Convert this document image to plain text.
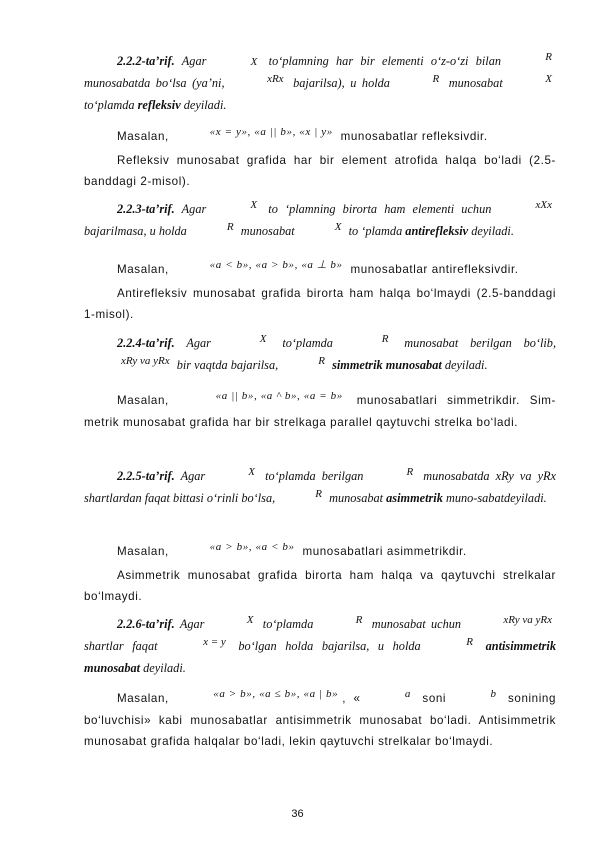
2.2.2-ta’rif. Agar	X to‘plamning har bir elementi o‘z-o‘zi bilan	R munosabatda bo‘lsa (ya’ni,	xRx bajarilsa), u holda	R munosabat	X to‘plamda refleksiv deyiladi.
Masalan,	«x = y», «a || b», «x | y» munosabatlar refleksivdir.
Refleksiv munosabat grafida har bir element atrofida halqa bo‘ladi (2.5-banddagi 2-misol).
2.2.3-ta’rif. Agar	X to ‘plamning birorta ham elementi uchun	xXx bajarilmasa, u holda	R munosabat	X to ‘plamda antirefleksiv deyiladi.
Masalan,	«a < b», «a > b», «a ⊥ b» munosabatlar antirefleksivdir.
Antirefleksiv munosabat grafida birorta ham halqa bo‘lmaydi (2.5-banddagi 1-misol).
2.2.4-ta’rif. Agar	X to‘plamda	R munosabat berilgan bo‘lib, xRy va yRx bir vaqtda bajarilsa,	R simmetrik munosabat deyiladi.
Masalan,	«a || b», «a ^ b», «a = b» munosabatlari simmetrikdir. Sim-metrik munosabat grafida har bir strelkaga parallel qaytuvchi strelka bo‘ladi.
2.2.5-ta’rif. Agar	X to‘plamda berilgan	R munosabatda xRy va yRx shartlardan faqat bittasi o‘rinli bo‘lsa,	R munosabat asimmetrik muno-sabatdeyiladi.
Masalan,	«a > b», «a < b» munosabatlari asimmetrikdir.
Asimmetrik munosabat grafida birorta ham halqa va qaytuvchi strelkalar bo‘lmaydi.
2.2.6-ta’rif. Agar	X to‘plamda	R munosabat uchun	xRy va yRx shartlar faqat	x = y bo‘lgan holda bajarilsa, u holda	R antisimmetrik munosabat deyiladi.
Masalan,	«a > b», «a ≤ b», «a | b» , «	a soni	b sonining bo‘luvchisi» kabi munosabatlar antisimmetrik munosabat bo‘ladi. Antisimmetrik munosabat grafida halqalar bo‘ladi, lekin qaytuvchi strelkalar bo‘lmaydi.
36
